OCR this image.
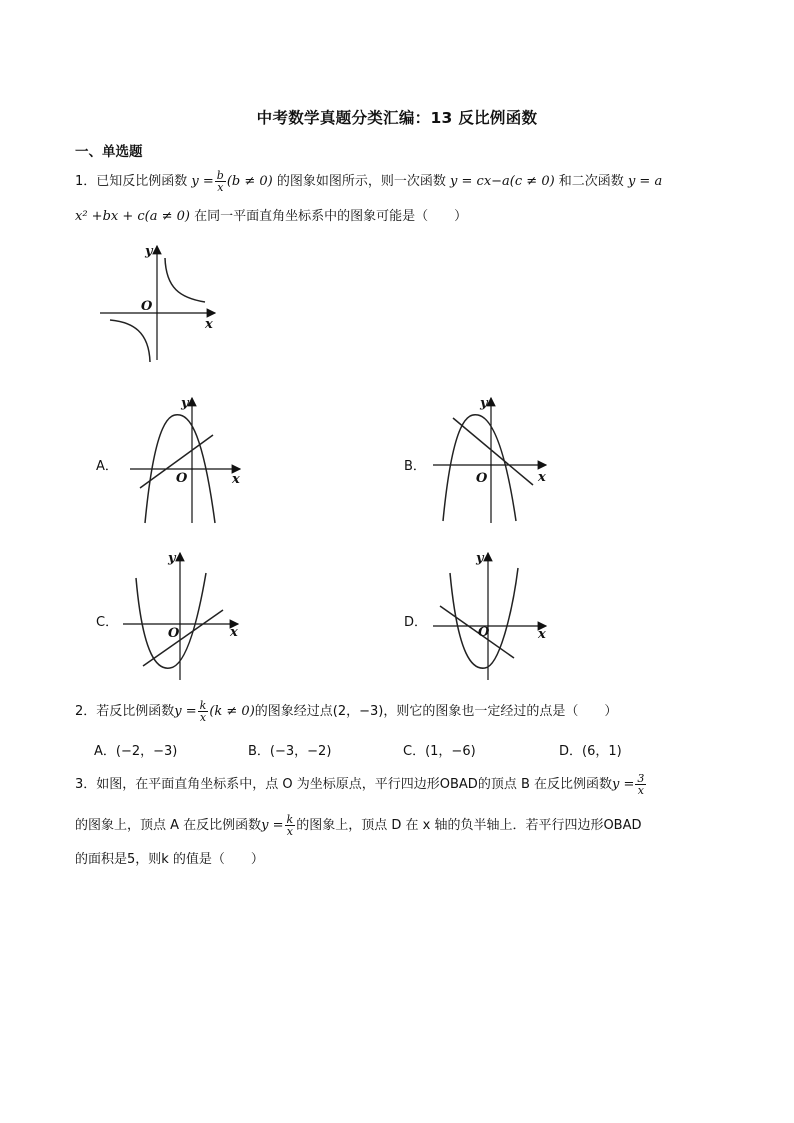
中考数学真题分类汇编：13 反比例函数
一、单选题
1．已知反比例函数 $y = \frac{b}{x} (b \ne 0)$ 的图象如图所示，则一次函数 y = cx−a(c ≠ 0) 和二次函数 y = a
x² +bx + c(a ≠ 0) 在同一平面直角坐标系中的图象可能是（　　）
y
x
O
A．
y
x
O
B．
y
x
O
C．
y
x
O
D．
y
x
O
2．若反比例函数$y = \frac{k}{x} (k \ne 0)$的图象经过点(2，−3)，则它的图象也一定经过的点是（　　）
A．(−2，−3)	B．(−3，−2)	C．(1，−6)	D．(6，1)
3．如图，在平面直角坐标系中，点 O 为坐标原点，平行四边形OBAD的顶点 B 在反比例函数$y = \frac{3}{x}$
的图象上，顶点 A 在反比例函数$y = \frac{k}{x}$ 的图象上，顶点 D 在 x 轴的负半轴上．若平行四边形OBAD
的面积是5，则k 的值是（　　）
